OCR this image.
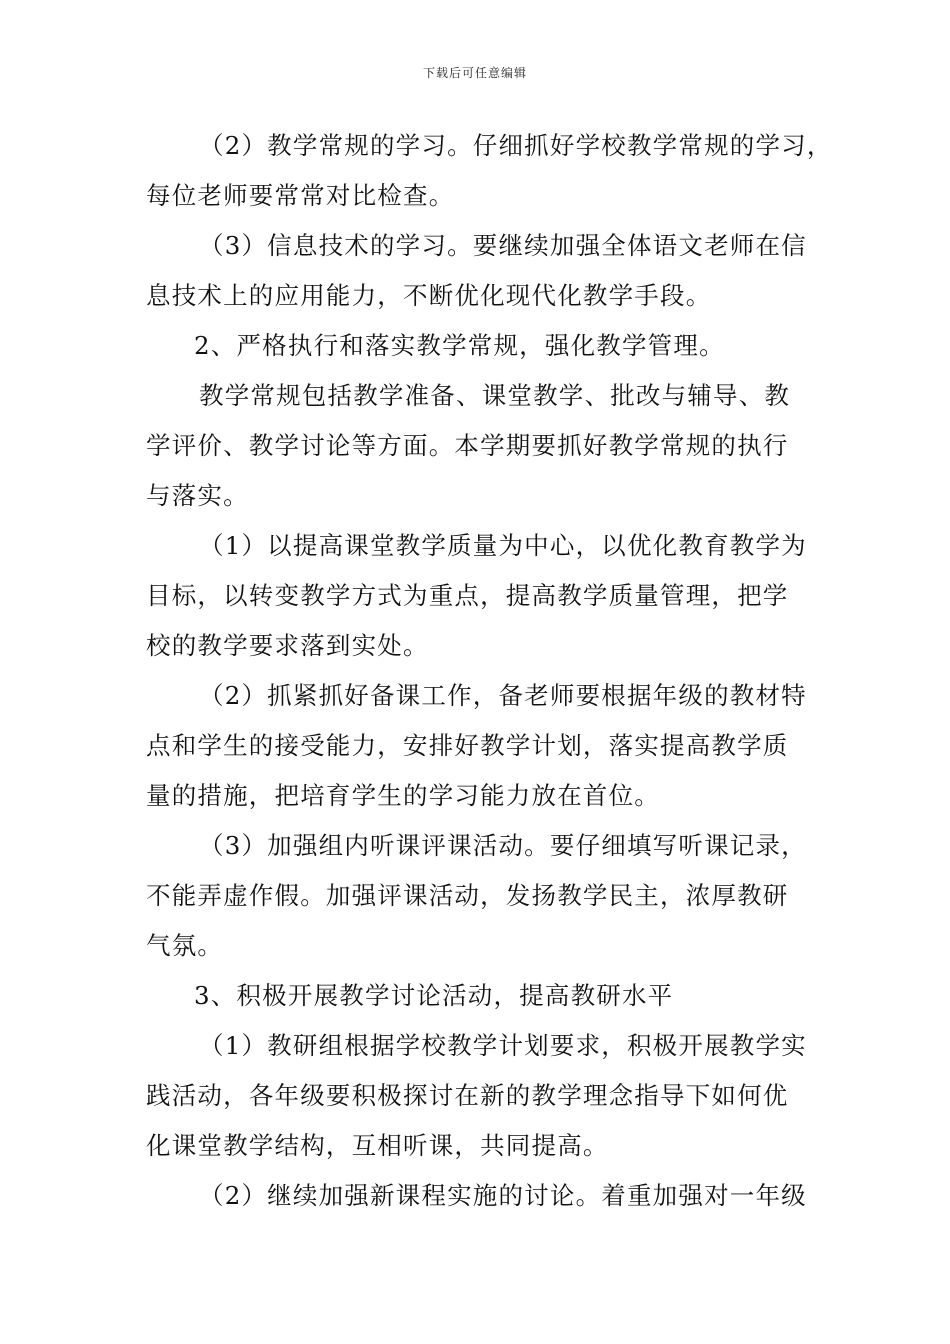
下载后可任意编辑
（2）教学常规的学习。仔细抓好学校教学常规的学习，
每位老师要常常对比检查。
（3）信息技术的学习。要继续加强全体语文老师在信
息技术上的应用能力，不断优化现代化教学手段。
2、严格执行和落实教学常规，强化教学管理。
教学常规包括教学准备、课堂教学、批改与辅导、教
学评价、教学讨论等方面。本学期要抓好教学常规的执行
与落实。
（1）以提高课堂教学质量为中心，以优化教育教学为
目标，以转变教学方式为重点，提高教学质量管理，把学
校的教学要求落到实处。
（2）抓紧抓好备课工作，备老师要根据年级的教材特
点和学生的接受能力，安排好教学计划，落实提高教学质
量的措施，把培育学生的学习能力放在首位。
（3）加强组内听课评课活动。要仔细填写听课记录，
不能弄虚作假。加强评课活动，发扬教学民主，浓厚教研
气氛。
3、积极开展教学讨论活动，提高教研水平
（1）教研组根据学校教学计划要求，积极开展教学实
践活动，各年级要积极探讨在新的教学理念指导下如何优
化课堂教学结构，互相听课，共同提高。
（2）继续加强新课程实施的讨论。着重加强对一年级
